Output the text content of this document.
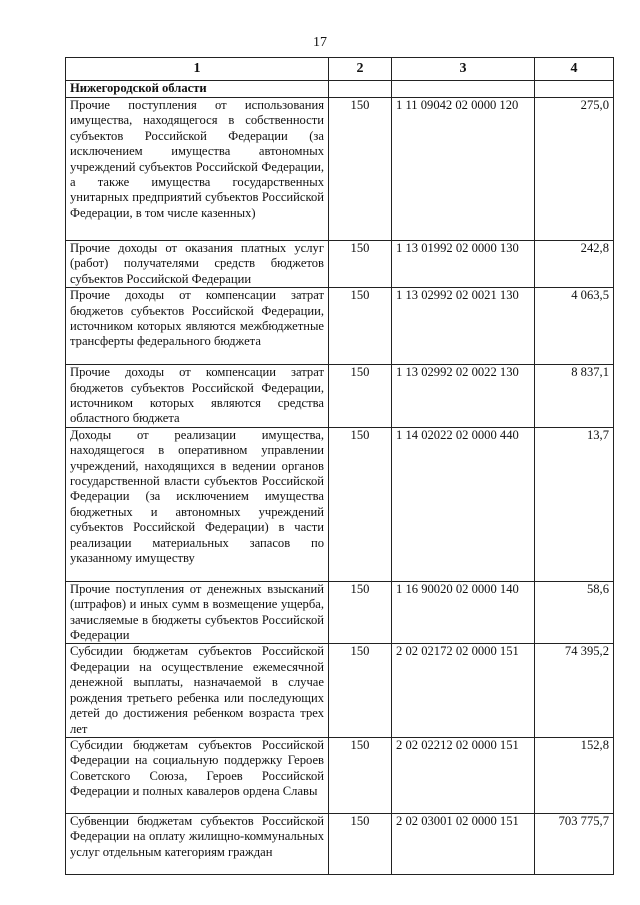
17
1	2	3	4
Нижегородской области			
Прочие поступления от использования имущества, находящегося в собственности субъектов Российской Федерации (за исключением имущества автономных учреждений субъектов Российской Федерации, а также имущества государственных унитарных предприятий субъектов Российской Федерации, в том числе казенных)	150	1 11 09042 02 0000 120	275,0
Прочие доходы от оказания платных услуг (работ) получателями средств бюджетов субъектов Российской Федерации	150	1 13 01992 02 0000 130	242,8
Прочие доходы от компенсации затрат бюджетов субъектов Российской Федерации, источником которых являются межбюджетные трансферты федерального бюджета	150	1 13 02992 02 0021 130	4 063,5
Прочие доходы от компенсации затрат бюджетов субъектов Российской Федерации, источником которых являются средства областного бюджета	150	1 13 02992 02 0022 130	8 837,1
Доходы от реализации имущества, находящегося в оперативном управлении учреждений, находящихся в ведении органов государственной власти субъектов Российской Федерации (за исключением имущества бюджетных и автономных учреждений субъектов Российской Федерации) в части реализации материальных запасов по указанному имуществу	150	1 14 02022 02 0000 440	13,7
Прочие поступления от денежных взысканий (штрафов) и иных сумм в возмещение ущерба, зачисляемые в бюджеты субъектов Российской Федерации	150	1 16 90020 02 0000 140	58,6
Субсидии бюджетам субъектов Российской Федерации на осуществление ежемесячной денежной выплаты, назначаемой в случае рождения третьего ребенка или последующих детей до достижения ребенком возраста трех лет	150	2 02 02172 02 0000 151	74 395,2
Субсидии бюджетам субъектов Российской Федерации на социальную поддержку Героев Советского Союза, Героев Российской Федерации и полных кавалеров ордена Славы	150	2 02 02212 02 0000 151	152,8
Субвенции бюджетам субъектов Российской Федерации на оплату жилищно-коммунальных услуг отдельным категориям граждан	150	2 02 03001 02 0000 151	703 775,7
